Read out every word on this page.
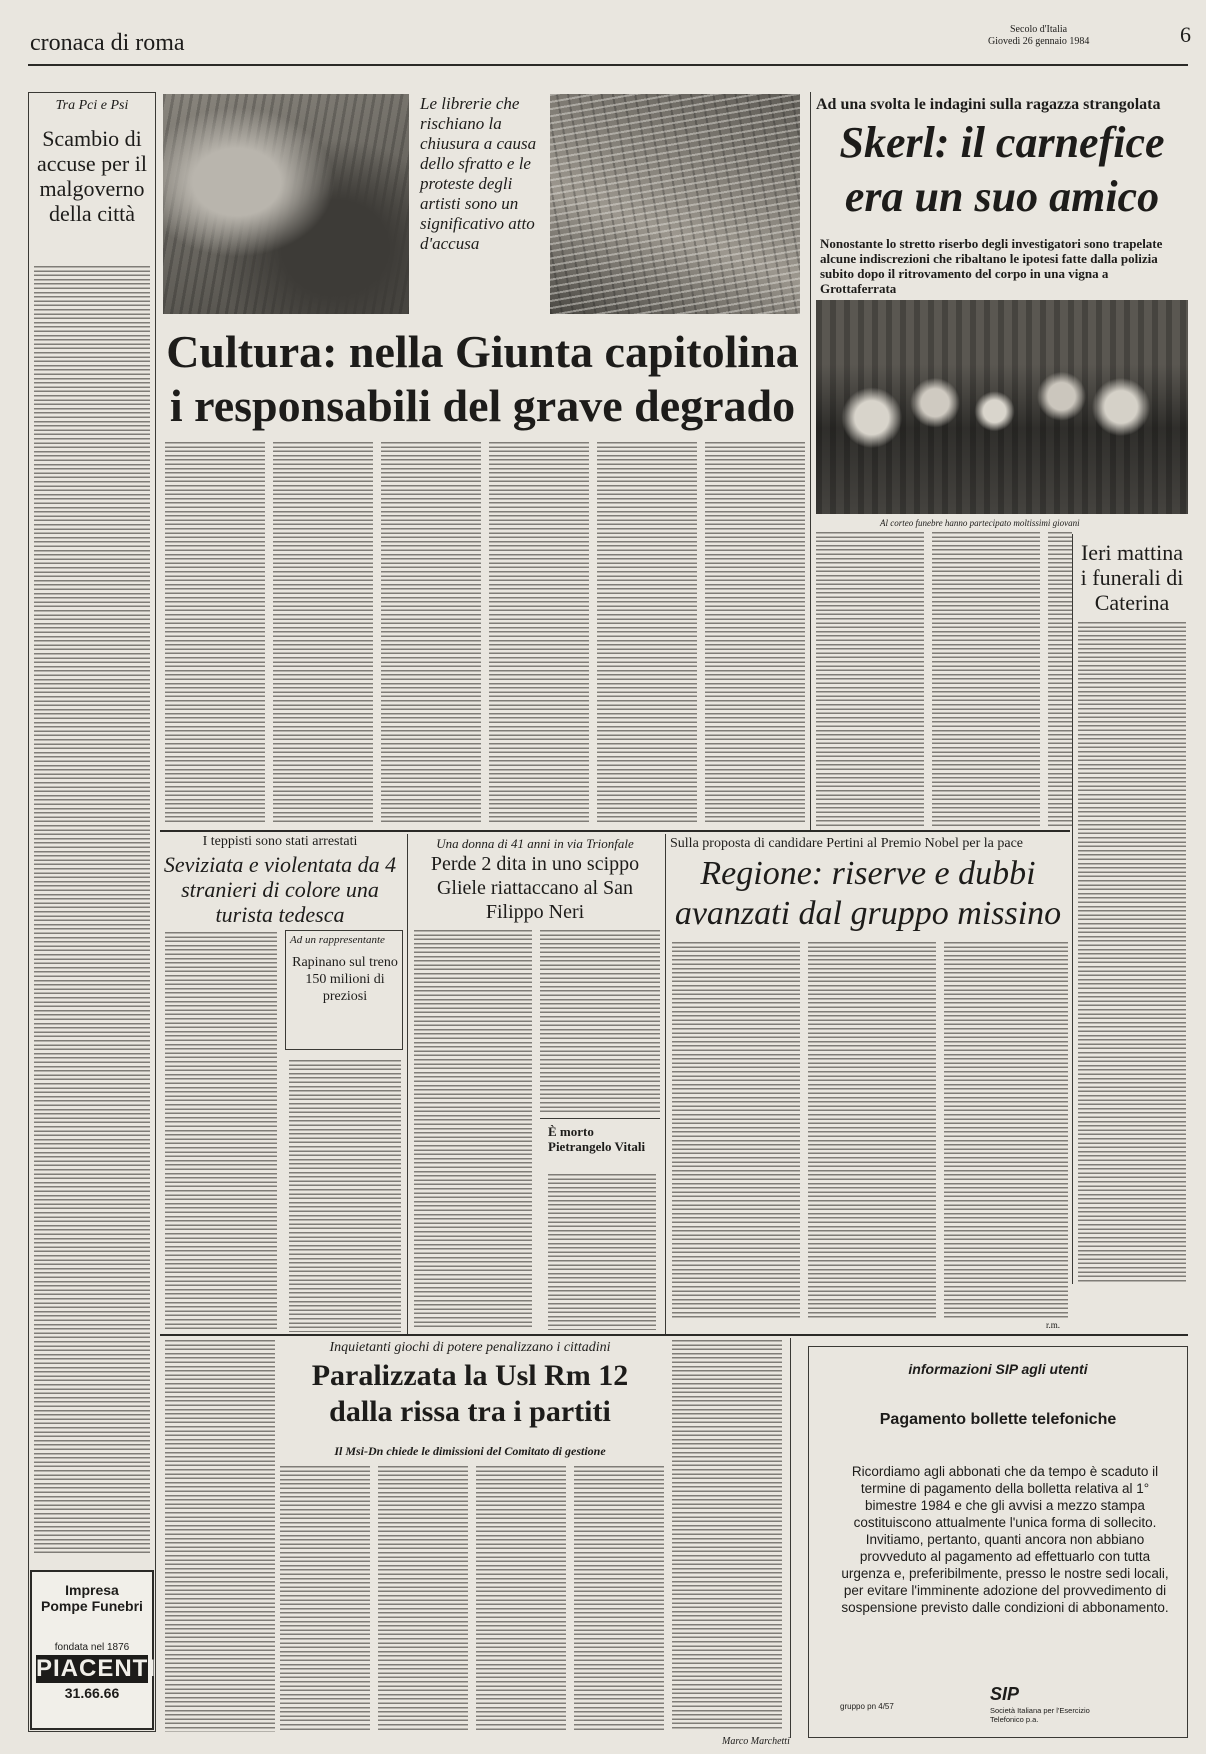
cronaca di roma
Secolo d'Italia
Giovedì 26 gennaio 1984	6
Tra Pci e Psi
Scambio di accuse per il malgoverno della città
Impresa
Pompe Funebri
fondata nel 1876
PIACENTI
31.66.66
Le librerie che rischiano la chiusura a causa dello sfratto e le proteste degli artisti sono un significativo atto d'accusa
Cultura: nella Giunta capitolina
i responsabili del grave degrado
Ad una svolta le indagini sulla ragazza strangolata
Skerl: il carnefice
era un suo amico
Nonostante lo stretto riserbo degli investigatori sono trapelate alcune indiscrezioni che ribaltano le ipotesi fatte dalla polizia subito dopo il ritrovamento del corpo in una vigna a Grottaferrata
Al corteo funebre hanno partecipato moltissimi giovani
Ieri mattina i funerali di Caterina
I teppisti sono stati arrestati
Seviziata e violentata da 4 stranieri di colore una turista tedesca
Ad un rappresentante
Rapinano sul treno 150 milioni di preziosi
Una donna di 41 anni in via Trionfale
Perde 2 dita in uno scippo Gliele riattaccano al San Filippo Neri
È morto Pietrangelo Vitali
Sulla proposta di candidare Pertini al Premio Nobel per la pace
Regione: riserve e dubbi
avanzati dal gruppo missino
r.m.
Inquietanti giochi di potere penalizzano i cittadini
Paralizzata la Usl Rm 12
dalla rissa tra i partiti
Il Msi-Dn chiede le dimissioni del Comitato di gestione
Marco Marchetti
informazioni SIP agli utenti
Pagamento bollette telefoniche
Ricordiamo agli abbonati che da tempo è scaduto il termine di pagamento della bolletta relativa al 1° bimestre 1984 e che gli avvisi a mezzo stampa costituiscono attualmente l'unica forma di sollecito. Invitiamo, pertanto, quanti ancora non abbiano provveduto al pagamento ad effettuarlo con tutta urgenza e, preferibilmente, presso le nostre sedi locali, per evitare l'imminente adozione del provvedimento di sospensione previsto dalle condizioni di abbonamento.
gruppo pn 4/57
SIP
Società Italiana per l'Esercizio Telefonico p.a.
